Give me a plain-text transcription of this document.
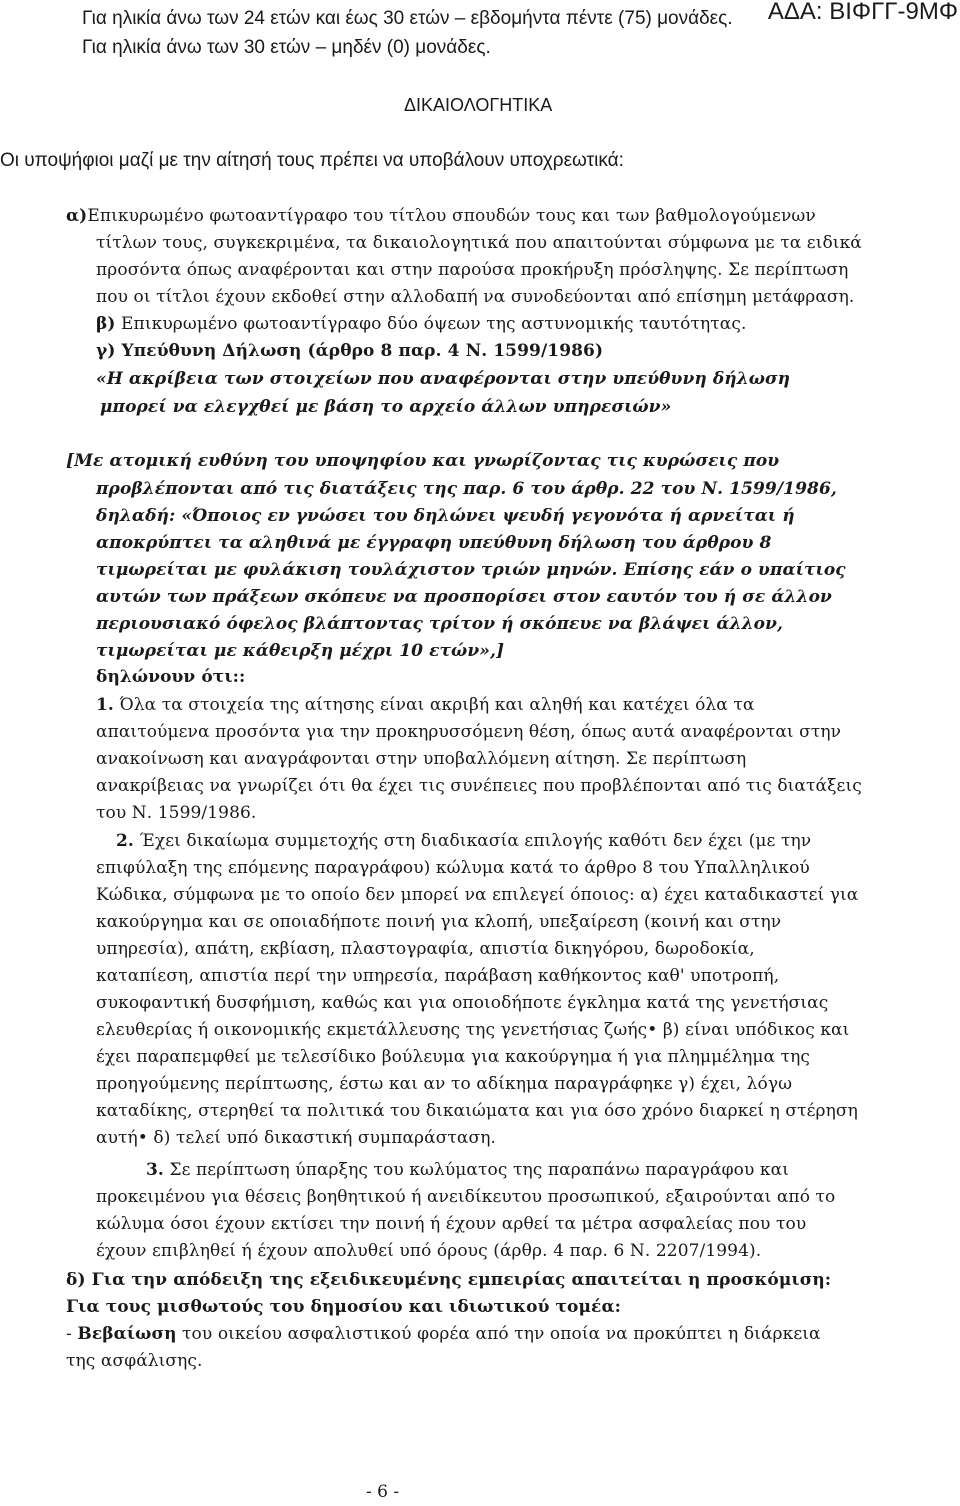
ΑΔΑ: ΒΙΦΓΓ-9ΜΦ
Για ηλικία άνω των 24 ετών και έως 30 ετών – εβδομήντα πέντε (75) μονάδες.
Για ηλικία άνω των 30 ετών – μηδέν (0) μονάδες.
ΔΙΚΑΙΟΛΟΓΗΤΙΚΑ
Οι υποψήφιοι μαζί με την αίτησή τους πρέπει να υποβάλουν υποχρεωτικά:
α)Επικυρωμένο φωτοαντίγραφο του τίτλου σπουδών τους και των βαθμολογούμενων
τίτλων τους, συγκεκριμένα, τα δικαιολογητικά που απαιτούνται σύμφωνα με τα ειδικά
προσόντα όπως αναφέρονται και στην παρούσα προκήρυξη πρόσληψης. Σε περίπτωση
που οι τίτλοι έχουν εκδοθεί στην αλλοδαπή να συνοδεύονται από επίσημη μετάφραση.
β) Επικυρωμένο φωτοαντίγραφο δύο όψεων της αστυνομικής ταυτότητας.
γ) Υπεύθυνη Δήλωση (άρθρο 8 παρ. 4 Ν. 1599/1986)
«Η ακρίβεια των στοιχείων που αναφέρονται στην υπεύθυνη δήλωση
μπορεί να ελεγχθεί με βάση το αρχείο άλλων υπηρεσιών»
[Με ατομική ευθύνη του υποψηφίου και γνωρίζοντας τις κυρώσεις που
προβλέπονται από τις διατάξεις της παρ. 6 του άρθρ. 22 του Ν. 1599/1986,
δηλαδή: «Όποιος εν γνώσει του δηλώνει ψευδή γεγονότα ή αρνείται ή
αποκρύπτει τα αληθινά με έγγραφη υπεύθυνη δήλωση του άρθρου 8
τιμωρείται με φυλάκιση τουλάχιστον τριών μηνών. Επίσης εάν ο υπαίτιος
αυτών των πράξεων σκόπευε να προσπορίσει στον εαυτόν του ή σε άλλον
περιουσιακό όφελος βλάπτοντας τρίτον ή σκόπευε να βλάψει άλλον,
τιμωρείται με κάθειρξη μέχρι 10 ετών»,]
δηλώνουν ότι::
1. Όλα τα στοιχεία της αίτησης είναι ακριβή και αληθή και κατέχει όλα τα
απαιτούμενα προσόντα για την προκηρυσσόμενη θέση, όπως αυτά αναφέρονται στην
ανακοίνωση και αναγράφονται στην υποβαλλόμενη αίτηση. Σε περίπτωση
ανακρίβειας να γνωρίζει ότι θα έχει τις συνέπειες που προβλέπονται από τις διατάξεις
του Ν. 1599/1986.
2. Έχει δικαίωμα συμμετοχής στη διαδικασία επιλογής καθότι δεν έχει (με την
επιφύλαξη της επόμενης παραγράφου) κώλυμα κατά το άρθρο 8 του Υπαλληλικού
Κώδικα, σύμφωνα με το οποίο δεν μπορεί να επιλεγεί όποιος: α) έχει καταδικαστεί για
κακούργημα και σε οποιαδήποτε ποινή για κλοπή, υπεξαίρεση (κοινή και στην
υπηρεσία), απάτη, εκβίαση, πλαστογραφία, απιστία δικηγόρου, δωροδοκία,
καταπίεση, απιστία περί την υπηρεσία, παράβαση καθήκοντος καθ' υποτροπή,
συκοφαντική δυσφήμιση, καθώς και για οποιοδήποτε έγκλημα κατά της γενετήσιας
ελευθερίας ή οικονομικής εκμετάλλευσης της γενετήσιας ζωής• β) είναι υπόδικος και
έχει παραπεμφθεί με τελεσίδικο βούλευμα για κακούργημα ή για πλημμέλημα της
προηγούμενης περίπτωσης, έστω και αν το αδίκημα παραγράφηκε γ) έχει, λόγω
καταδίκης, στερηθεί τα πολιτικά του δικαιώματα και για όσο χρόνο διαρκεί η στέρηση
αυτή• δ) τελεί υπό δικαστική συμπαράσταση.
3. Σε περίπτωση ύπαρξης του κωλύματος της παραπάνω παραγράφου και
προκειμένου για θέσεις βοηθητικού ή ανειδίκευτου προσωπικού, εξαιρούνται από το
κώλυμα όσοι έχουν εκτίσει την ποινή ή έχουν αρθεί τα μέτρα ασφαλείας που του
έχουν επιβληθεί ή έχουν απολυθεί υπό όρους (άρθρ. 4 παρ. 6 Ν. 2207/1994).
δ) Για την απόδειξη της εξειδικευμένης εμπειρίας απαιτείται η προσκόμιση:
Για τους μισθωτούς του δημοσίου και ιδιωτικού τομέα:
- Βεβαίωση του οικείου ασφαλιστικού φορέα από την οποία να προκύπτει η διάρκεια
της ασφάλισης.
- 6 -
